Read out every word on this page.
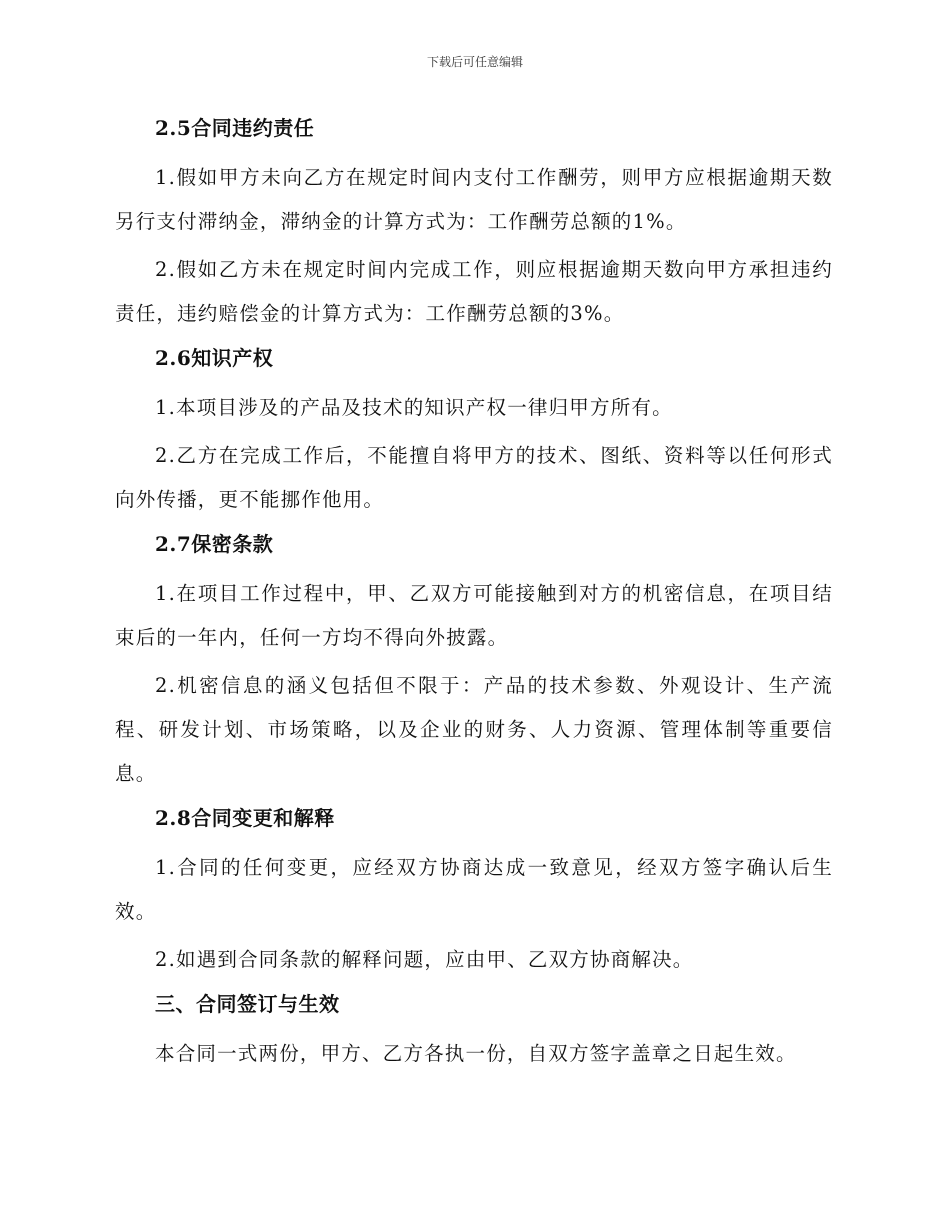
下载后可任意编辑
2.5合同违约责任

1.假如甲方未向乙方在规定时间内支付工作酬劳，则甲方应根据逾期天数另行支付滞纳金，滞纳金的计算方式为：工作酬劳总额的1%。

2.假如乙方未在规定时间内完成工作，则应根据逾期天数向甲方承担违约责任，违约赔偿金的计算方式为：工作酬劳总额的3%。

2.6知识产权

1.本项目涉及的产品及技术的知识产权一律归甲方所有。

2.乙方在完成工作后，不能擅自将甲方的技术、图纸、资料等以任何形式向外传播，更不能挪作他用。

2.7保密条款

1.在项目工作过程中，甲、乙双方可能接触到对方的机密信息，在项目结束后的一年内，任何一方均不得向外披露。

2.机密信息的涵义包括但不限于：产品的技术参数、外观设计、生产流程、研发计划、市场策略，以及企业的财务、人力资源、管理体制等重要信息。

2.8合同变更和解释

1.合同的任何变更，应经双方协商达成一致意见，经双方签字确认后生效。

2.如遇到合同条款的解释问题，应由甲、乙双方协商解决。

三、合同签订与生效

本合同一式两份，甲方、乙方各执一份，自双方签字盖章之日起生效。
